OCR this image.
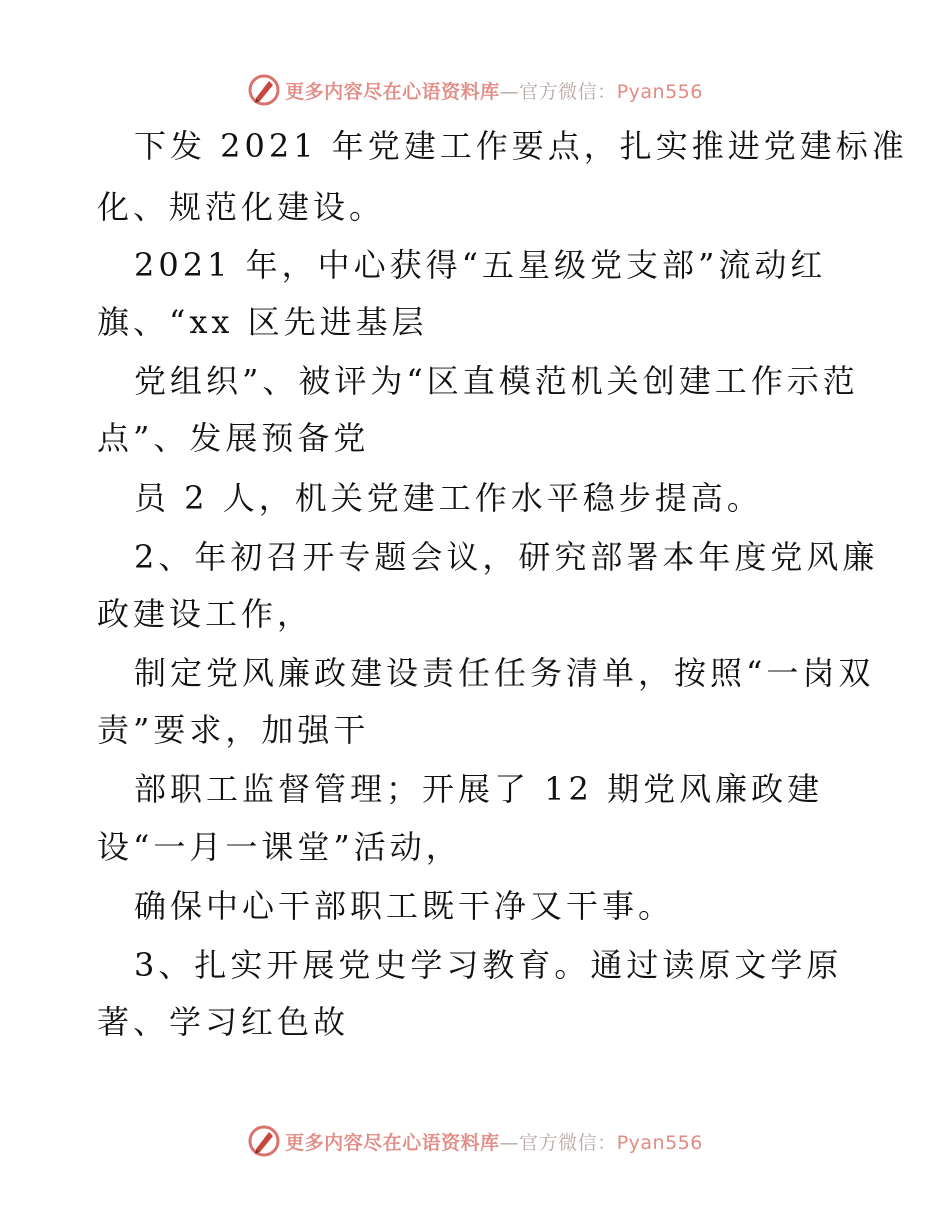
更多内容尽在心语资料库—官方微信：Pyan556
下发 2021 年党建工作要点，扎实推进党建标准
化、规范化建设。
2021 年，中心获得“五星级党支部”流动红
旗、“xx 区先进基层
党组织”、被评为“区直模范机关创建工作示范
点”、发展预备党
员 2 人，机关党建工作水平稳步提高。
2、年初召开专题会议，研究部署本年度党风廉
政建设工作，
制定党风廉政建设责任任务清单，按照“一岗双
责”要求，加强干
部职工监督管理；开展了 12 期党风廉政建
设“一月一课堂”活动，
确保中心干部职工既干净又干事。
3、扎实开展党史学习教育。通过读原文学原
著、学习红色故
更多内容尽在心语资料库—官方微信：Pyan556
